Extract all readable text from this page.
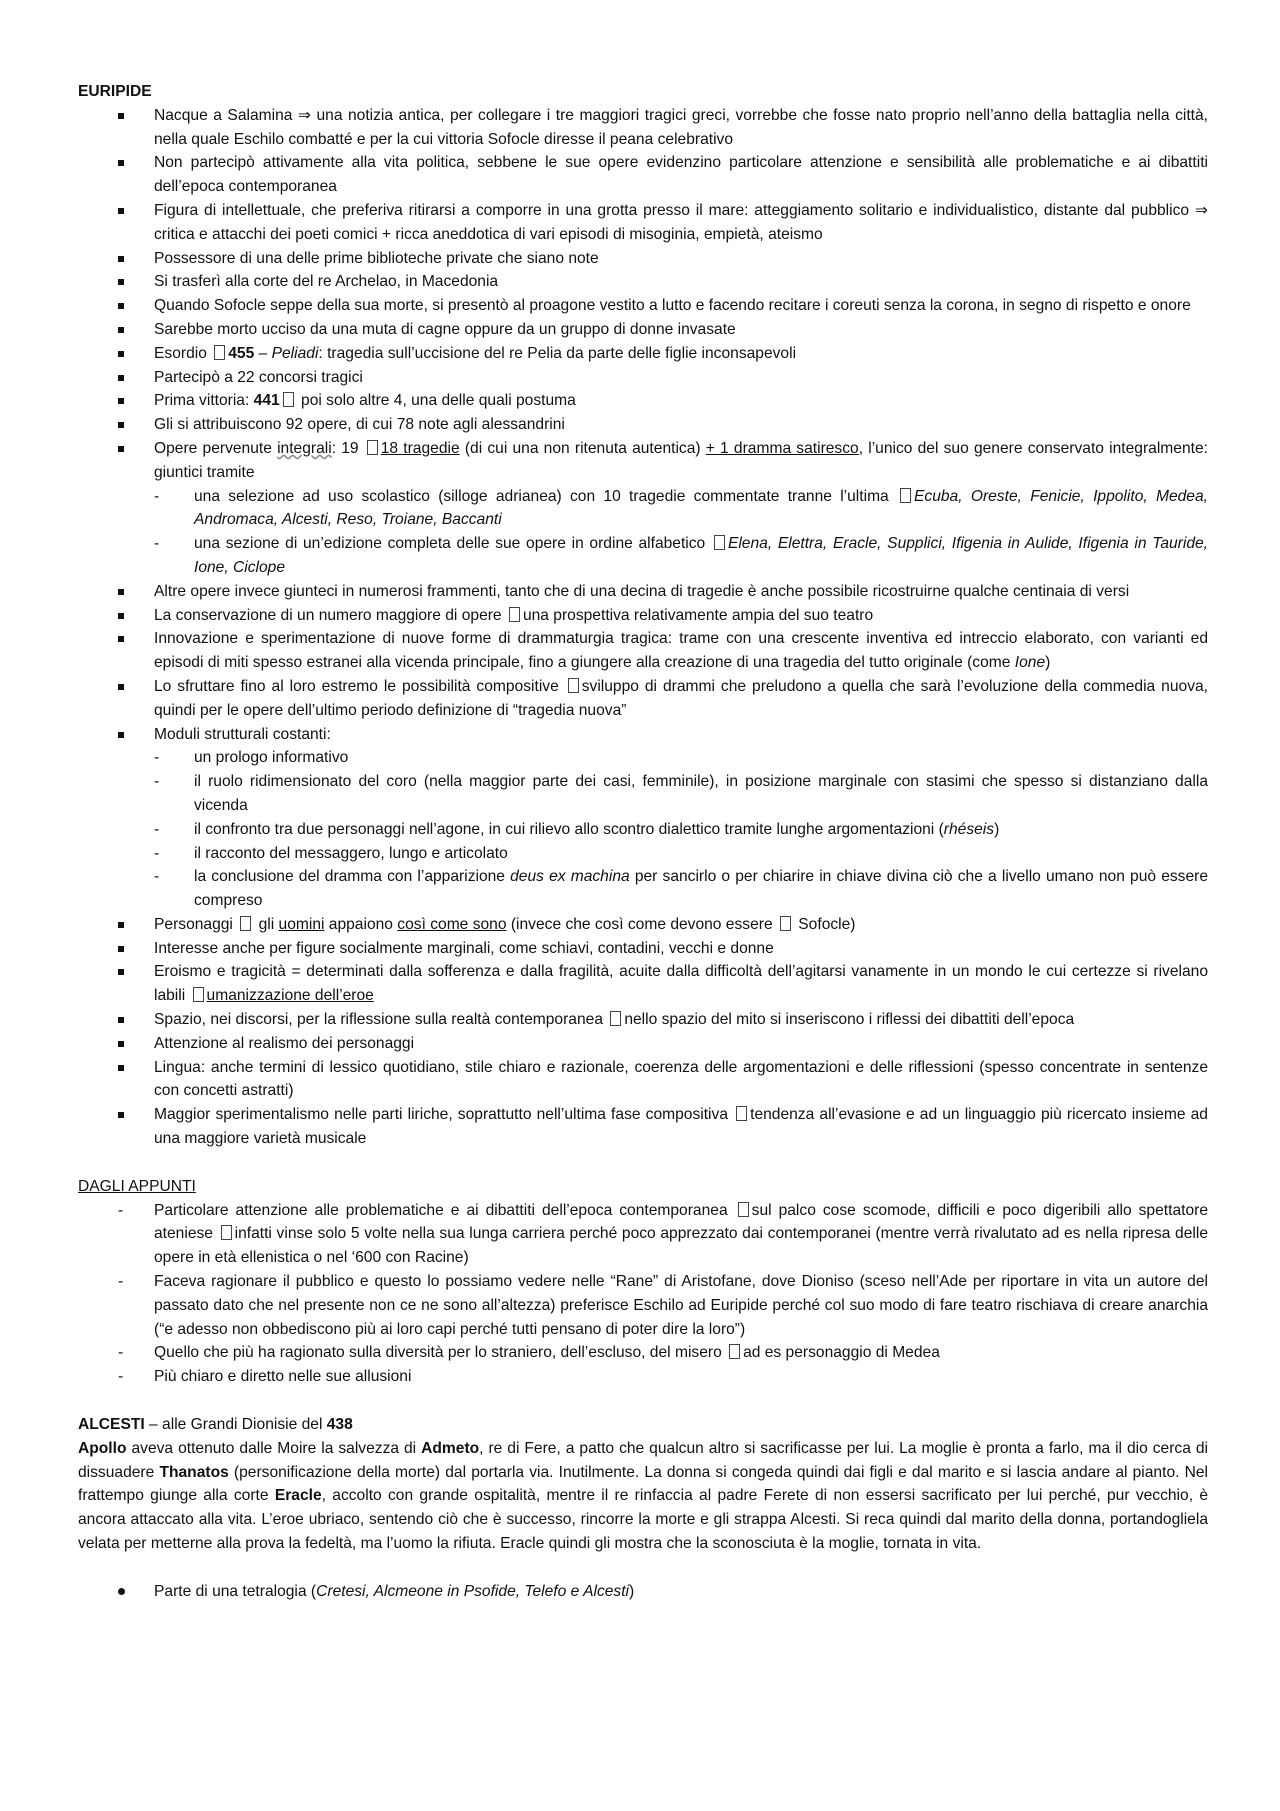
EURIPIDE

Nacque a Salamina ⇒ una notizia antica, per collegare i tre maggiori tragici greci, vorrebbe che fosse nato proprio nell’anno della battaglia nella città, nella quale Eschilo combatté e per la cui vittoria Sofocle diresse il peana celebrativo
Non partecipò attivamente alla vita politica, sebbene le sue opere evidenzino particolare attenzione e sensibilità alle problematiche e ai dibattiti dell’epoca contemporanea
Figura di intellettuale, che preferiva ritirarsi a comporre in una grotta presso il mare: atteggiamento solitario e individualistico, distante dal pubblico ⇒ critica e attacchi dei poeti comici + ricca aneddotica di vari episodi di misoginia, empietà, ateismo
Possessore di una delle prime biblioteche private che siano note
Si trasferì alla corte del re Archelao, in Macedonia
Quando Sofocle seppe della sua morte, si presentò al proagone vestito a lutto e facendo recitare i coreuti senza la corona, in segno di rispetto e onore
Sarebbe morto ucciso da una muta di cagne oppure da un gruppo di donne invasate
Esordio 455 – Peliadi: tragedia sull’uccisione del re Pelia da parte delle figlie inconsapevoli
Partecipò a 22 concorsi tragici
Prima vittoria: 441 poi solo altre 4, una delle quali postuma
Gli si attribuiscono 92 opere, di cui 78 note agli alessandrini
Opere pervenute integrali: 19 18 tragedie (di cui una non ritenuta autentica) + 1 dramma satiresco, l’unico del suo genere conservato integralmente: giuntici tramite
- una selezione ad uso scolastico (silloge adrianea) con 10 tragedie commentate tranne l’ultima Ecuba, Oreste, Fenicie, Ippolito, Medea, Andromaca, Alcesti, Reso, Troiane, Baccanti
- una sezione di un’edizione completa delle sue opere in ordine alfabetico Elena, Elettra, Eracle, Supplici, Ifigenia in Aulide, Ifigenia in Tauride, Ione, Ciclope
Altre opere invece giunteci in numerosi frammenti, tanto che di una decina di tragedie è anche possibile ricostruirne qualche centinaia di versi
La conservazione di un numero maggiore di opere una prospettiva relativamente ampia del suo teatro
Innovazione e sperimentazione di nuove forme di drammaturgia tragica: trame con una crescente inventiva ed intreccio elaborato, con varianti ed episodi di miti spesso estranei alla vicenda principale, fino a giungere alla creazione di una tragedia del tutto originale (come Ione)
Lo sfruttare fino al loro estremo le possibilità compositive sviluppo di drammi che preludono a quella che sarà l’evoluzione della commedia nuova, quindi per le opere dell’ultimo periodo definizione di “tragedia nuova”
Moduli strutturali costanti:
- un prologo informativo
- il ruolo ridimensionato del coro (nella maggior parte dei casi, femminile), in posizione marginale con stasimi che spesso si distanziano dalla vicenda
- il confronto tra due personaggi nell’agone, in cui rilievo allo scontro dialettico tramite lunghe argomentazioni (rhéseis)
- il racconto del messaggero, lungo e articolato
- la conclusione del dramma con l’apparizione deus ex machina per sancirlo o per chiarire in chiave divina ciò che a livello umano non può essere compreso
Personaggi  gli uomini appaiono così come sono (invece che così come devono essere  Sofocle)
Interesse anche per figure socialmente marginali, come schiavi, contadini, vecchi e donne
Eroismo e tragicità = determinati dalla sofferenza e dalla fragilità, acuite dalla difficoltà dell’agitarsi vanamente in un mondo le cui certezze si rivelano labili umanizzazione dell’eroe
Spazio, nei discorsi, per la riflessione sulla realtà contemporanea nello spazio del mito si inseriscono i riflessi dei dibattiti dell’epoca
Attenzione al realismo dei personaggi
Lingua: anche termini di lessico quotidiano, stile chiaro e razionale, coerenza delle argomentazioni e delle riflessioni (spesso concentrate in sentenze con concetti astratti)
Maggior sperimentalismo nelle parti liriche, soprattutto nell’ultima fase compositiva tendenza all’evasione e ad un linguaggio più ricercato insieme ad una maggiore varietà musicale

DAGLI APPUNTI

- Particolare attenzione alle problematiche e ai dibattiti dell’epoca contemporanea sul palco cose scomode, difficili e poco digeribili allo spettatore ateniese infatti vinse solo 5 volte nella sua lunga carriera perché poco apprezzato dai contemporanei (mentre verrà rivalutato ad es nella ripresa delle opere in età ellenistica o nel ‘600 con Racine)
- Faceva ragionare il pubblico e questo lo possiamo vedere nelle “Rane” di Aristofane, dove Dioniso (sceso nell’Ade per riportare in vita un autore del passato dato che nel presente non ce ne sono all’altezza) preferisce Eschilo ad Euripide perché col suo modo di fare teatro rischiava di creare anarchia (“e adesso non obbediscono più ai loro capi perché tutti pensano di poter dire la loro”)
- Quello che più ha ragionato sulla diversità per lo straniero, dell’escluso, del misero ad es personaggio di Medea
- Più chiaro e diretto nelle sue allusioni

ALCESTI – alle Grandi Dionisie del 438

Apollo aveva ottenuto dalle Moire la salvezza di Admeto, re di Fere, a patto che qualcun altro si sacrificasse per lui. La moglie è pronta a farlo, ma il dio cerca di dissuadere Thanatos (personificazione della morte) dal portarla via. Inutilmente. La donna si congeda quindi dai figli e dal marito e si lascia andare al pianto. Nel frattempo giunge alla corte Eracle, accolto con grande ospitalità, mentre il re rinfaccia al padre Ferete di non essersi sacrificato per lui perché, pur vecchio, è ancora attaccato alla vita. L’eroe ubriaco, sentendo ciò che è successo, rincorre la morte e gli strappa Alcesti. Si reca quindi dal marito della donna, portandogliela velata per metterne alla prova la fedeltà, ma l’uomo la rifiuta. Eracle quindi gli mostra che la sconosciuta è la moglie, tornata in vita.

Parte di una tetralogia (Cretesi, Alcmeone in Psofide, Telefo e Alcesti)
